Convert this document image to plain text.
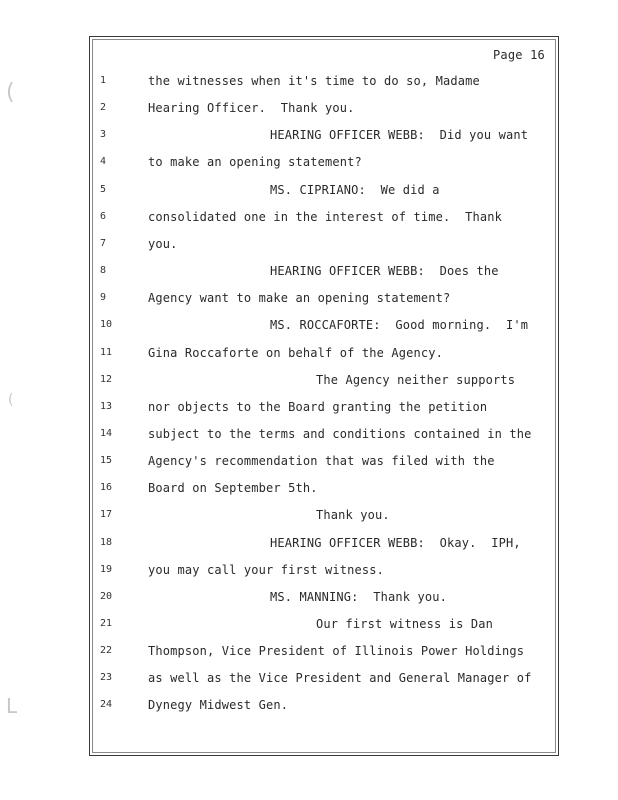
Page 16
1	the witnesses when it's time to do so, Madame
2	Hearing Officer.  Thank you.
3	HEARING OFFICER WEBB:  Did you want
4	to make an opening statement?
5	MS. CIPRIANO:  We did a
6	consolidated one in the interest of time.  Thank
7	you.
8	HEARING OFFICER WEBB:  Does the
9	Agency want to make an opening statement?
10	MS. ROCCAFORTE:  Good morning.  I'm
11	Gina Roccaforte on behalf of the Agency.
12	The Agency neither supports
13	nor objects to the Board granting the petition
14	subject to the terms and conditions contained in the
15	Agency's recommendation that was filed with the
16	Board on September 5th.
17	Thank you.
18	HEARING OFFICER WEBB:  Okay.  IPH,
19	you may call your first witness.
20	MS. MANNING:  Thank you.
21	Our first witness is Dan
22	Thompson, Vice President of Illinois Power Holdings
23	as well as the Vice President and General Manager of
24	Dynegy Midwest Gen.
(
(
L
